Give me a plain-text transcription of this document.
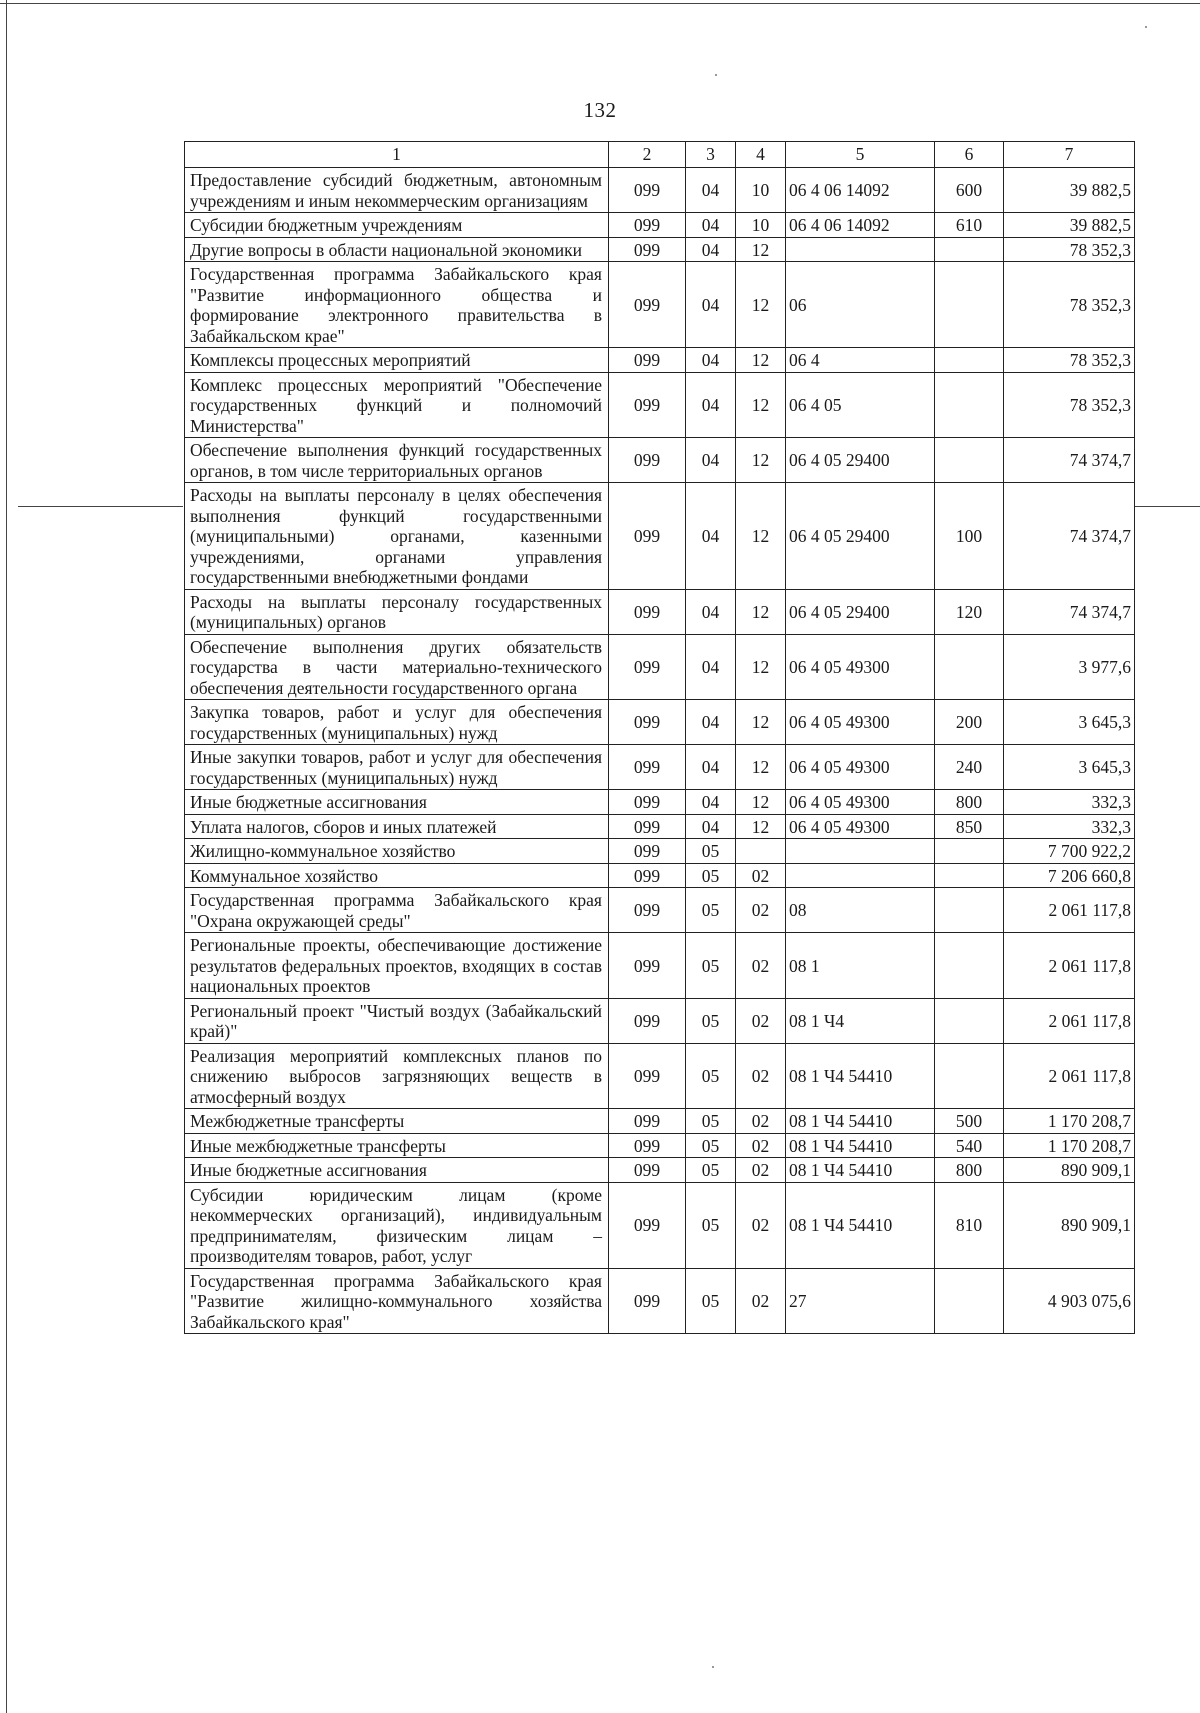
132
1	2	3	4	5	6	7
Предоставление субсидий бюджетным, автономным учреждениям и иным некоммерческим организациям	099	04	10	06 4 06 14092	600	39 882,5
Субсидии бюджетным учреждениям	099	04	10	06 4 06 14092	610	39 882,5
Другие вопросы в области национальной экономики	099	04	12			78 352,3
Государственная программа Забайкальского края "Развитие информационного общества и формирование электронного правительства в Забайкальском крае"	099	04	12	06		78 352,3
Комплексы процессных мероприятий	099	04	12	06 4		78 352,3
Комплекс процессных мероприятий "Обеспечение государственных функций и полномочий Министерства"	099	04	12	06 4 05		78 352,3
Обеспечение выполнения функций государственных органов, в том числе территориальных органов	099	04	12	06 4 05 29400		74 374,7
Расходы на выплаты персоналу в целях обеспечения выполнения функций государственными (муниципальными) органами, казенными учреждениями, органами управления государственными внебюджетными фондами	099	04	12	06 4 05 29400	100	74 374,7
Расходы на выплаты персоналу государственных (муниципальных) органов	099	04	12	06 4 05 29400	120	74 374,7
Обеспечение выполнения других обязательств государства в части материально-технического обеспечения деятельности государственного органа	099	04	12	06 4 05 49300		3 977,6
Закупка товаров, работ и услуг для обеспечения государственных (муниципальных) нужд	099	04	12	06 4 05 49300	200	3 645,3
Иные закупки товаров, работ и услуг для обеспечения государственных (муниципальных) нужд	099	04	12	06 4 05 49300	240	3 645,3
Иные бюджетные ассигнования	099	04	12	06 4 05 49300	800	332,3
Уплата налогов, сборов и иных платежей	099	04	12	06 4 05 49300	850	332,3
Жилищно-коммунальное хозяйство	099	05				7 700 922,2
Коммунальное хозяйство	099	05	02			7 206 660,8
Государственная программа Забайкальского края "Охрана окружающей среды"	099	05	02	08		2 061 117,8
Региональные проекты, обеспечивающие достижение результатов федеральных проектов, входящих в состав национальных проектов	099	05	02	08 1		2 061 117,8
Региональный проект "Чистый воздух (Забайкальский край)"	099	05	02	08 1 Ч4		2 061 117,8
Реализация мероприятий комплексных планов по снижению выбросов загрязняющих веществ в атмосферный воздух	099	05	02	08 1 Ч4 54410		2 061 117,8
Межбюджетные трансферты	099	05	02	08 1 Ч4 54410	500	1 170 208,7
Иные межбюджетные трансферты	099	05	02	08 1 Ч4 54410	540	1 170 208,7
Иные бюджетные ассигнования	099	05	02	08 1 Ч4 54410	800	890 909,1
Субсидии юридическим лицам (кроме некоммерческих организаций), индивидуальным предпринимателям, физическим лицам – производителям товаров, работ, услуг	099	05	02	08 1 Ч4 54410	810	890 909,1
Государственная программа Забайкальского края "Развитие жилищно-коммунального хозяйства Забайкальского края"	099	05	02	27		4 903 075,6
